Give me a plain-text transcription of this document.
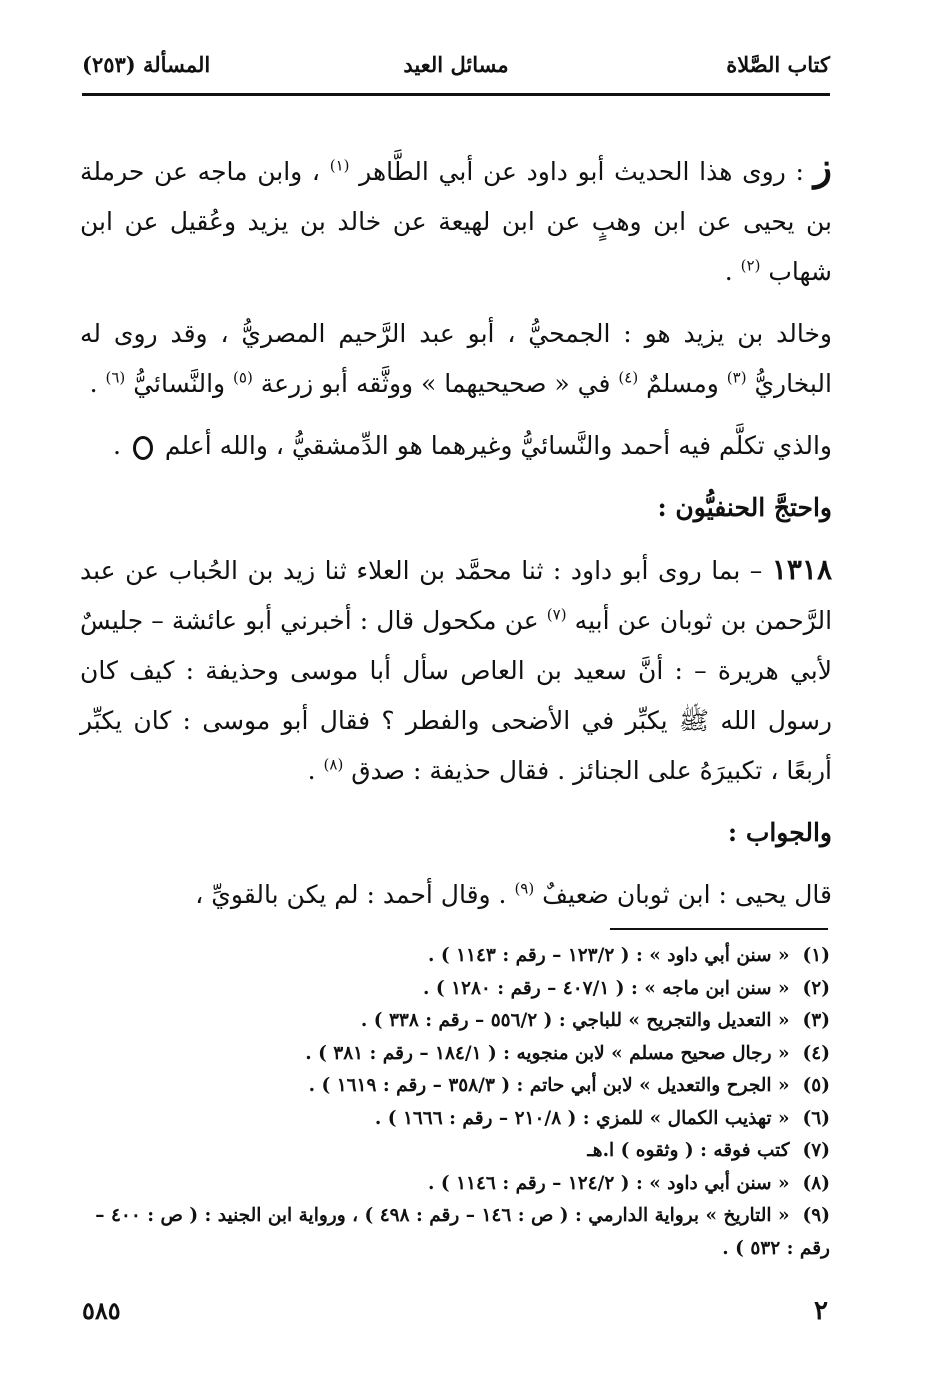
كتاب الصَّلاة
مسائل العيد
المسألة (٢٥٣)

ز : روى هذا الحديث أبو داود عن أبي الطَّاهر $^{(١)}$ ، وابن ماجه عن حرملة بن يحيى عن ابن وهبٍ عن ابن لهيعة عن خالد بن يزيد وعُقيل عن ابن شهاب $^{(٢)}$ .

وخالد بن يزيد هو : الجمحيُّ ، أبو عبد الرَّحيم المصريُّ ، وقد روى له البخاريُّ $^{(٣)}$ ومسلمٌ $^{(٤)}$ في « صحيحيهما » ووثَّقه أبو زرعة $^{(٥)}$ والنَّسائيُّ $^{(٦)}$ .

والذي تكلَّم فيه أحمد والنَّسائيُّ وغيرهما هو الدِّمشقيُّ ، والله أعلم  .

واحتجَّ الحنفيُّون :

١٣١٨ – بما روى أبو داود : ثنا محمَّد بن العلاء ثنا زيد بن الحُباب عن عبد الرَّحمن بن ثوبان عن أبيه $^{(٧)}$ عن مكحول قال : أخبرني أبو عائشة – جليسٌ لأبي هريرة – : أنَّ سعيد بن العاص سأل أبا موسى وحذيفة : كيف كان رسول الله ﷺ يكبِّر في الأضحى والفطر ؟ فقال أبو موسى : كان يكبِّر أربعًا ، تكبيرَهُ على الجنائز . فقال حذيفة : صدق $^{(٨)}$ .

والجواب :

قال يحيى : ابن ثوبان ضعيفٌ $^{(٩)}$ . وقال أحمد : لم يكن بالقويِّ ،

(١) « سنن أبي داود » : ( ١٢٣/٢ – رقم : ١١٤٣ ) .

(٢) « سنن ابن ماجه » : ( ٤٠٧/١ – رقم : ١٢٨٠ ) .

(٣) « التعديل والتجريح » للباجي : ( ٥٥٦/٢ – رقم : ٣٣٨ ) .

(٤) « رجال صحيح مسلم » لابن منجويه : ( ١٨٤/١ – رقم : ٣٨١ ) .

(٥) « الجرح والتعديل » لابن أبي حاتم : ( ٣٥٨/٣ – رقم : ١٦١٩ ) .

(٦) « تهذيب الكمال » للمزي : ( ٢١٠/٨ – رقم : ١٦٦٦ ) .

(٧) كتب فوقه : ( وثقوه ) ا.هـ

(٨) « سنن أبي داود » : ( ١٢٤/٢ – رقم : ١١٤٦ ) .

(٩) « التاريخ » برواية الدارمي : ( ص : ١٤٦ – رقم : ٤٩٨ ) ، ورواية ابن الجنيد : ( ص : ٤٠٠ – رقم : ٥٣٢ ) .

٥٨٥	٢
